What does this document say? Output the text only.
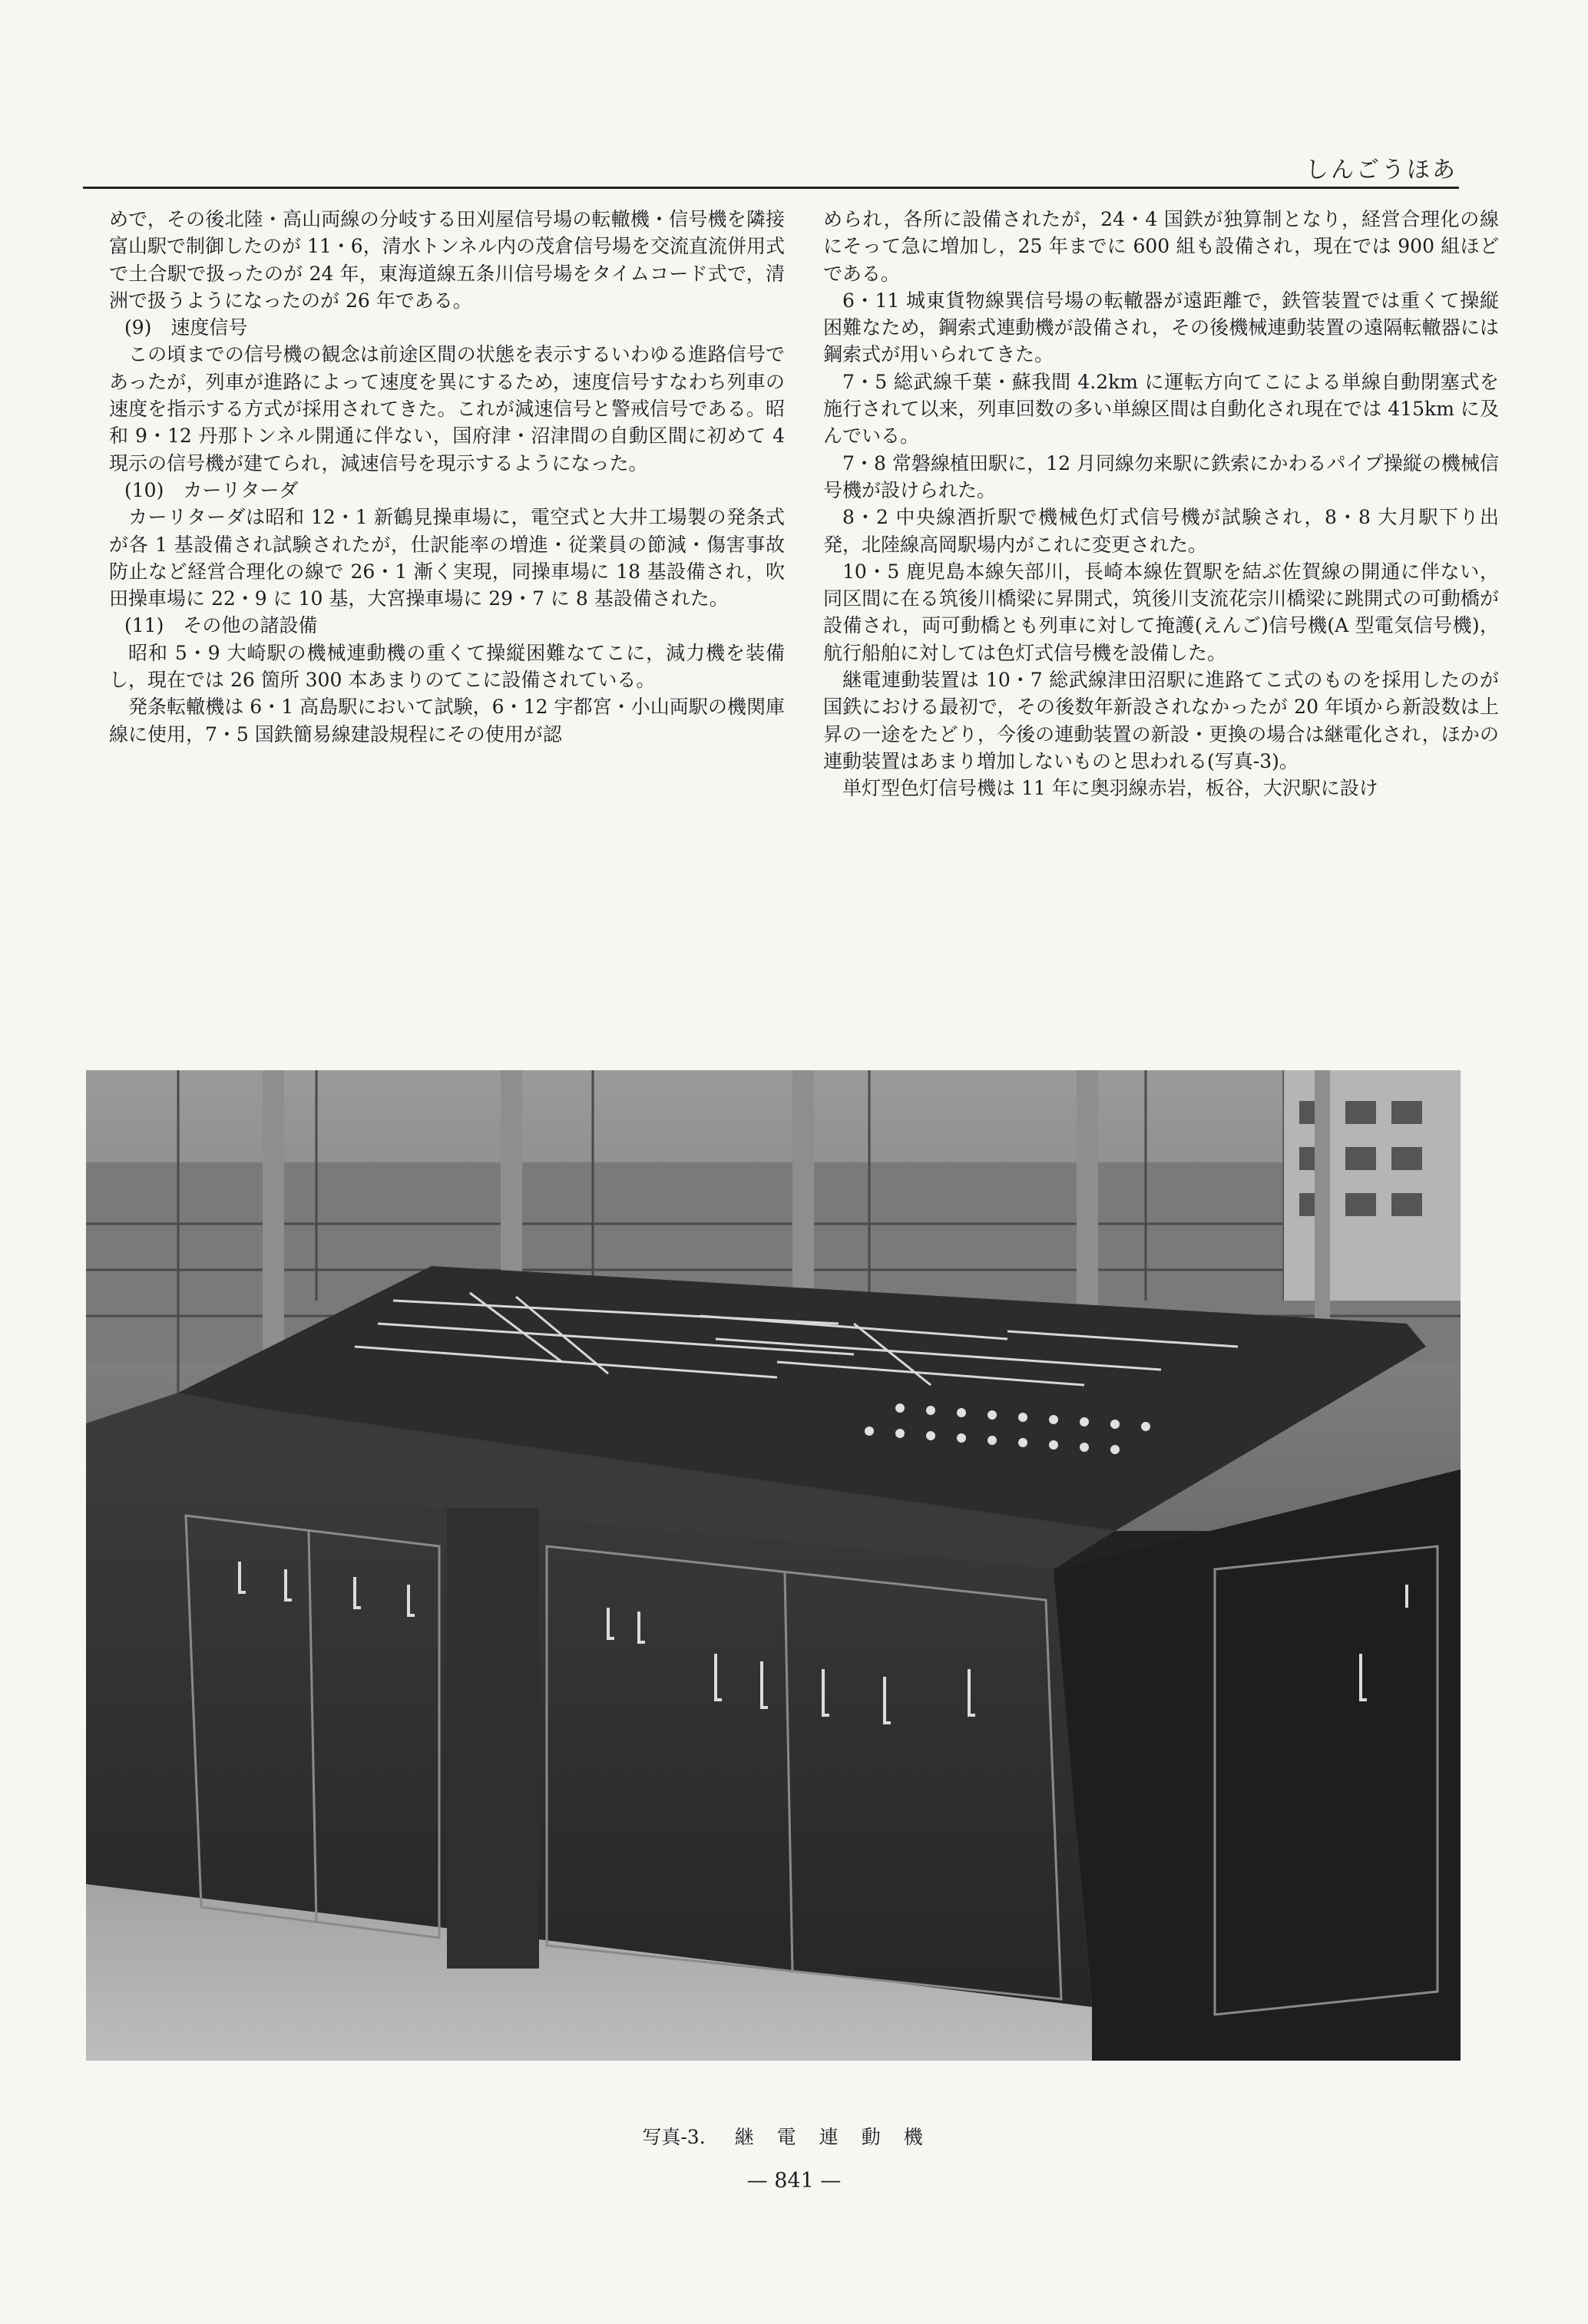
しんごうほあ

めで，その後北陸・高山両線の分岐する田刈屋信号場の転轍機・信号機を隣接富山駅で制御したのが 11・6，清水トンネル内の茂倉信号場を交流直流併用式で土合駅で扱ったのが 24 年，東海道線五条川信号場をタイムコード式で，清洲で扱うようになったのが 26 年である。

(9)　速度信号

この頃までの信号機の観念は前途区間の状態を表示するいわゆる進路信号であったが，列車が進路によって速度を異にするため，速度信号すなわち列車の速度を指示する方式が採用されてきた。これが減速信号と警戒信号である。昭和 9・12 丹那トンネル開通に伴ない，国府津・沼津間の自動区間に初めて 4 現示の信号機が建てられ，減速信号を現示するようになった。

(10)　カーリターダ

カーリターダは昭和 12・1 新鶴見操車場に，電空式と大井工場製の発条式が各 1 基設備され試験されたが，仕訳能率の増進・従業員の節減・傷害事故防止など経営合理化の線で 26・1 漸く実現，同操車場に 18 基設備され，吹田操車場に 22・9 に 10 基，大宮操車場に 29・7 に 8 基設備された。

(11)　その他の諸設備

昭和 5・9 大崎駅の機械連動機の重くて操縦困難なてこに，減力機を装備し，現在では 26 箇所 300 本あまりのてこに設備されている。

発条転轍機は 6・1 高島駅において試験，6・12 宇都宮・小山両駅の機関庫線に使用，7・5 国鉄簡易線建設規程にその使用が認

められ，各所に設備されたが，24・4 国鉄が独算制となり，経営合理化の線にそって急に増加し，25 年までに 600 組も設備され，現在では 900 組ほどである。

6・11 城東貨物線巽信号場の転轍器が遠距離で，鉄管装置では重くて操縦困難なため，鋼索式連動機が設備され，その後機械連動装置の遠隔転轍器には鋼索式が用いられてきた。

7・5 総武線千葉・蘇我間 4.2km に運転方向てこによる単線自動閉塞式を施行されて以来，列車回数の多い単線区間は自動化され現在では 415km に及んでいる。

7・8 常磐線植田駅に，12 月同線勿来駅に鉄索にかわるパイプ操縦の機械信号機が設けられた。

8・2 中央線酒折駅で機械色灯式信号機が試験され，8・8 大月駅下り出発，北陸線高岡駅場内がこれに変更された。

10・5 鹿児島本線矢部川，長崎本線佐賀駅を結ぶ佐賀線の開通に伴ない，同区間に在る筑後川橋梁に昇開式，筑後川支流花宗川橋梁に跳開式の可動橋が設備され，両可動橋とも列車に対して掩護(えんご)信号機(A 型電気信号機)，航行船舶に対しては色灯式信号機を設備した。

継電連動装置は 10・7 総武線津田沼駅に進路てこ式のものを採用したのが国鉄における最初で，その後数年新設されなかったが 20 年頃から新設数は上昇の一途をたどり，今後の連動装置の新設・更換の場合は継電化され，ほかの連動装置はあまり増加しないものと思われる(写真-3)。

単灯型色灯信号機は 11 年に奥羽線赤岩，板谷，大沢駅に設け

写真-3. 継電連動機
— 841 —
